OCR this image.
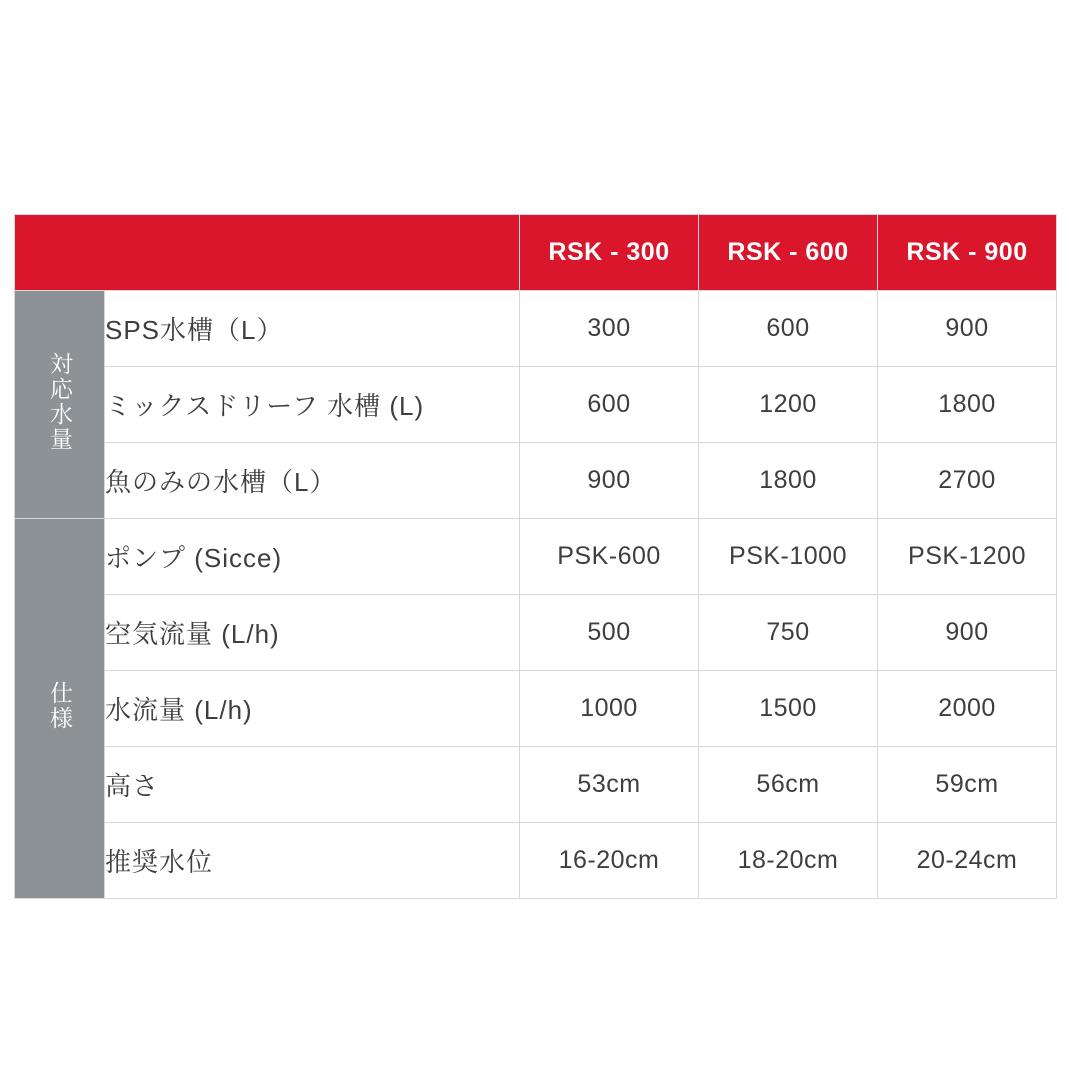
		RSK - 300	RSK - 600	RSK - 900
対応水量	SPS水槽（L）	300	600	900
	ミックスドリーフ 水槽 (L)	600	1200	1800
	魚のみの水槽（L）	900	1800	2700
仕様	ポンプ (Sicce)	PSK-600	PSK-1000	PSK-1200
	空気流量 (L/h)	500	750	900
	水流量 (L/h)	1000	1500	2000
	高さ	53cm	56cm	59cm
	推奨水位	16-20cm	18-20cm	20-24cm
